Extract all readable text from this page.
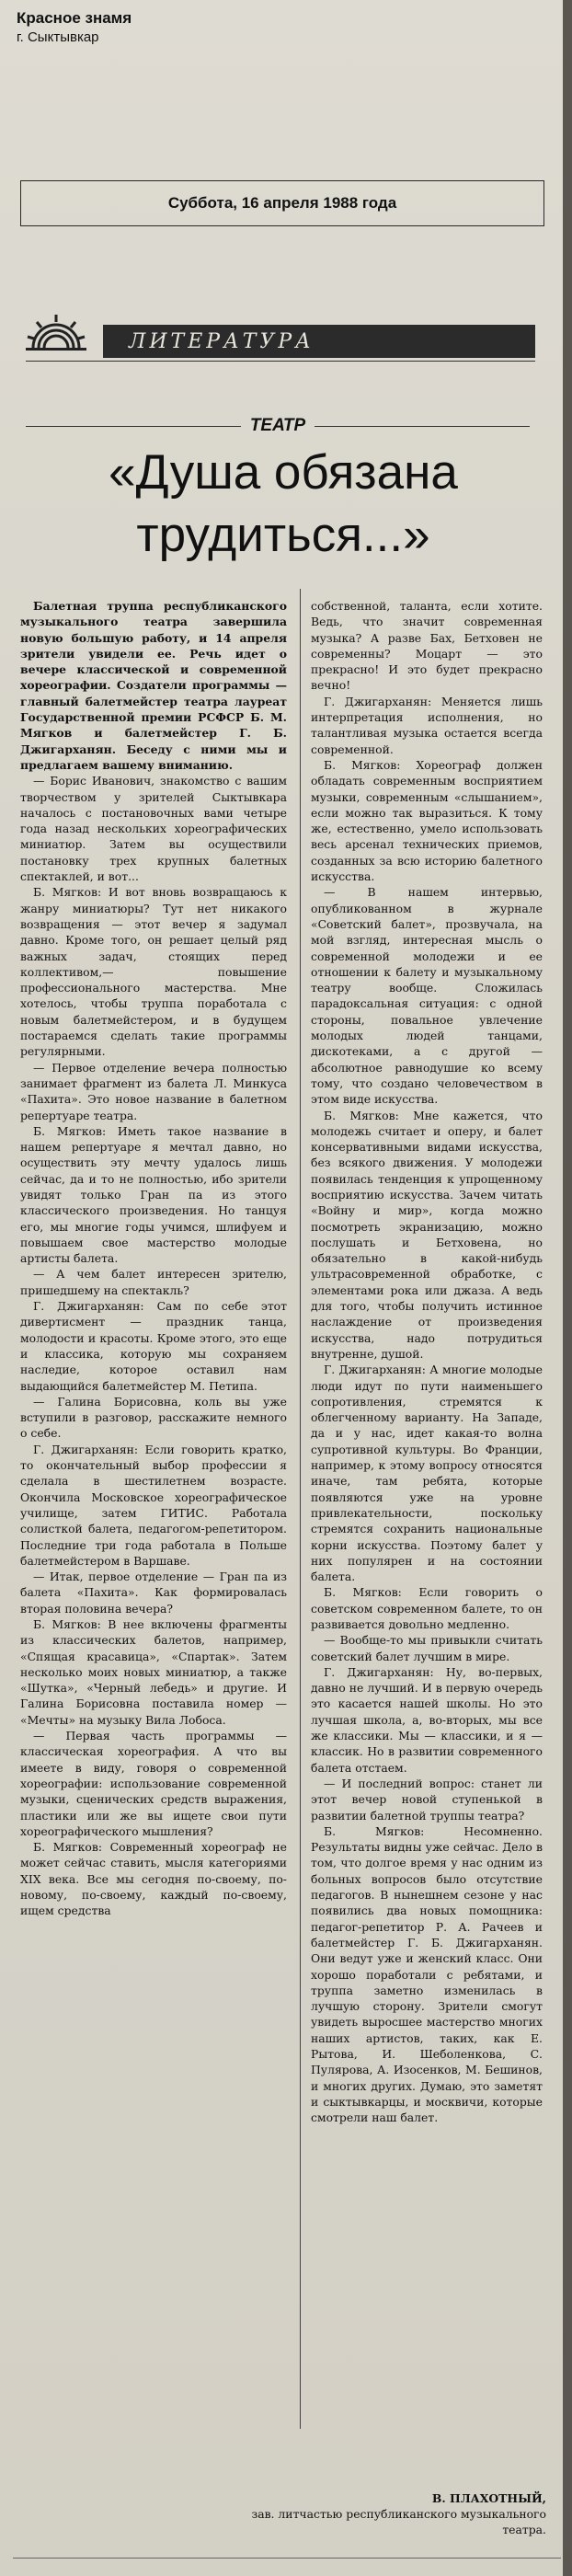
Красное знамя
г. Сыктывкар
Суббота, 16 апреля 1988 года
ЛИТЕРАТУРА
ТЕАТР
«Душа обязана
трудиться...»

Балетная труппа республиканского музыкального театра завершила новую большую работу, и 14 апреля зрители увидели ее. Речь идет о вечере классической и современной хореографии. Создатели программы — главный балетмейстер театра лауреат Государственной премии РСФСР Б. М. Мягков и балетмейстер Г. Б. Джигарханян. Беседу с ними мы и предлагаем вашему вниманию.

— Борис Иванович, знакомство с вашим творчеством у зрителей Сыктывкара началось с постановочных вами четыре года назад нескольких хореографических миниатюр. Затем вы осуществили постановку трех крупных балетных спектаклей, и вот...

Б. Мягков: И вот вновь возвращаюсь к жанру миниатюры? Тут нет никакого возвращения — этот вечер я задумал давно. Кроме того, он решает целый ряд важных задач, стоящих перед коллективом,— повышение профессионального мастерства. Мне хотелось, чтобы труппа поработала с новым балетмейстером, и в будущем постараемся сделать такие программы регулярными.

— Первое отделение вечера полностью занимает фрагмент из балета Л. Минкуса «Пахита». Это новое название в балетном репертуаре театра.

Б. Мягков: Иметь такое название в нашем репертуаре я мечтал давно, но осуществить эту мечту удалось лишь сейчас, да и то не полностью, ибо зрители увидят только Гран па из этого классического произведения. Но танцуя его, мы многие годы учимся, шлифуем и повышаем свое мастерство молодые артисты балета.

— А чем балет интересен зрителю, пришедшему на спектакль?

Г. Джигарханян: Сам по себе этот дивертисмент — праздник танца, молодости и красоты. Кроме этого, это еще и классика, которую мы сохраняем наследие, которое оставил нам выдающийся балетмейстер М. Петипа.

— Галина Борисовна, коль вы уже вступили в разговор, расскажите немного о себе.

Г. Джигарханян: Если говорить кратко, то окончательный выбор профессии я сделала в шестилетнем возрасте. Окончила Московское хореографическое училище, затем ГИТИС. Работала солисткой балета, педагогом-репетитором. Последние три года работала в Польше балетмейстером в Варшаве.

— Итак, первое отделение — Гран па из балета «Пахита». Как формировалась вторая половина вечера?

Б. Мягков: В нее включены фрагменты из классических балетов, например, «Спящая красавица», «Спартак». Затем несколько моих новых миниатюр, а также «Шутка», «Черный лебедь» и другие. И Галина Борисовна поставила номер — «Мечты» на музыку Вила Лобоса.

— Первая часть программы — классическая хореография. А что вы имеете в виду, говоря о современной хореографии: использование современной музыки, сценических средств выражения, пластики или же вы ищете свои пути хореографического мышления?

Б. Мягков: Современный хореограф не может сейчас ставить, мысля категориями XIX века. Все мы сегодня по-своему, по-новому, по-своему, каждый по-своему, ищем средства

собственной, таланта, если хотите. Ведь, что значит современная музыка? А разве Бах, Бетховен не современны? Моцарт — это прекрасно! И это будет прекрасно вечно!

Г. Джигарханян: Меняется лишь интерпретация исполнения, но талантливая музыка остается всегда современной.

Б. Мягков: Хореограф должен обладать современным восприятием музыки, современным «слышанием», если можно так выразиться. К тому же, естественно, умело использовать весь арсенал технических приемов, созданных за всю историю балетного искусства.

— В нашем интервью, опубликованном в журнале «Советский балет», прозвучала, на мой взгляд, интересная мысль о современной молодежи и ее отношении к балету и музыкальному театру вообще. Сложилась парадоксальная ситуация: с одной стороны, повальное увлечение молодых людей танцами, дискотеками, а с другой — абсолютное равнодушие ко всему тому, что создано человечеством в этом виде искусства.

Б. Мягков: Мне кажется, что молодежь считает и оперу, и балет консервативными видами искусства, без всякого движения. У молодежи появилась тенденция к упрощенному восприятию искусства. Зачем читать «Войну и мир», когда можно посмотреть экранизацию, можно послушать и Бетховена, но обязательно в какой-нибудь ультрасовременной обработке, с элементами рока или джаза. А ведь для того, чтобы получить истинное наслаждение от произведения искусства, надо потрудиться внутренне, душой.

Г. Джигарханян: А многие молодые люди идут по пути наименьшего сопротивления, стремятся к облегченному варианту. На Западе, да и у нас, идет какая-то волна супротивной культуры. Во Франции, например, к этому вопросу относятся иначе, там ребята, которые появляются уже на уровне привлекательности, поскольку стремятся сохранить национальные корни искусства. Поэтому балет у них популярен и на состоянии балета.

Б. Мягков: Если говорить о советском современном балете, то он развивается довольно медленно.

— Вообще-то мы привыкли считать советский балет лучшим в мире.

Г. Джигарханян: Ну, во-первых, давно не лучший. И в первую очередь это касается нашей школы. Но это лучшая школа, а, во-вторых, мы все же классики. Мы — классики, и я — классик. Но в развитии современного балета отстаем.

— И последний вопрос: станет ли этот вечер новой ступенькой в развитии балетной труппы театра?

Б. Мягков: Несомненно. Результаты видны уже сейчас. Дело в том, что долгое время у нас одним из больных вопросов было отсутствие педагогов. В нынешнем сезоне у нас появились два новых помощника: педагог-репетитор Р. А. Рачеев и балетмейстер Г. Б. Джигарханян. Они ведут уже и женский класс. Они хорошо поработали с ребятами, и труппа заметно изменилась в лучшую сторону. Зрители смогут увидеть выросшее мастерство многих наших артистов, таких, как Е. Рытова, И. Шеболенкова, С. Пулярова, А. Изосенков, М. Бешинов, и многих других. Думаю, это заметят и сыктывкарцы, и москвичи, которые смотрели наш балет.

В. ПЛАХОТНЫЙ,
зав. литчастью республиканского музыкального
театра.
